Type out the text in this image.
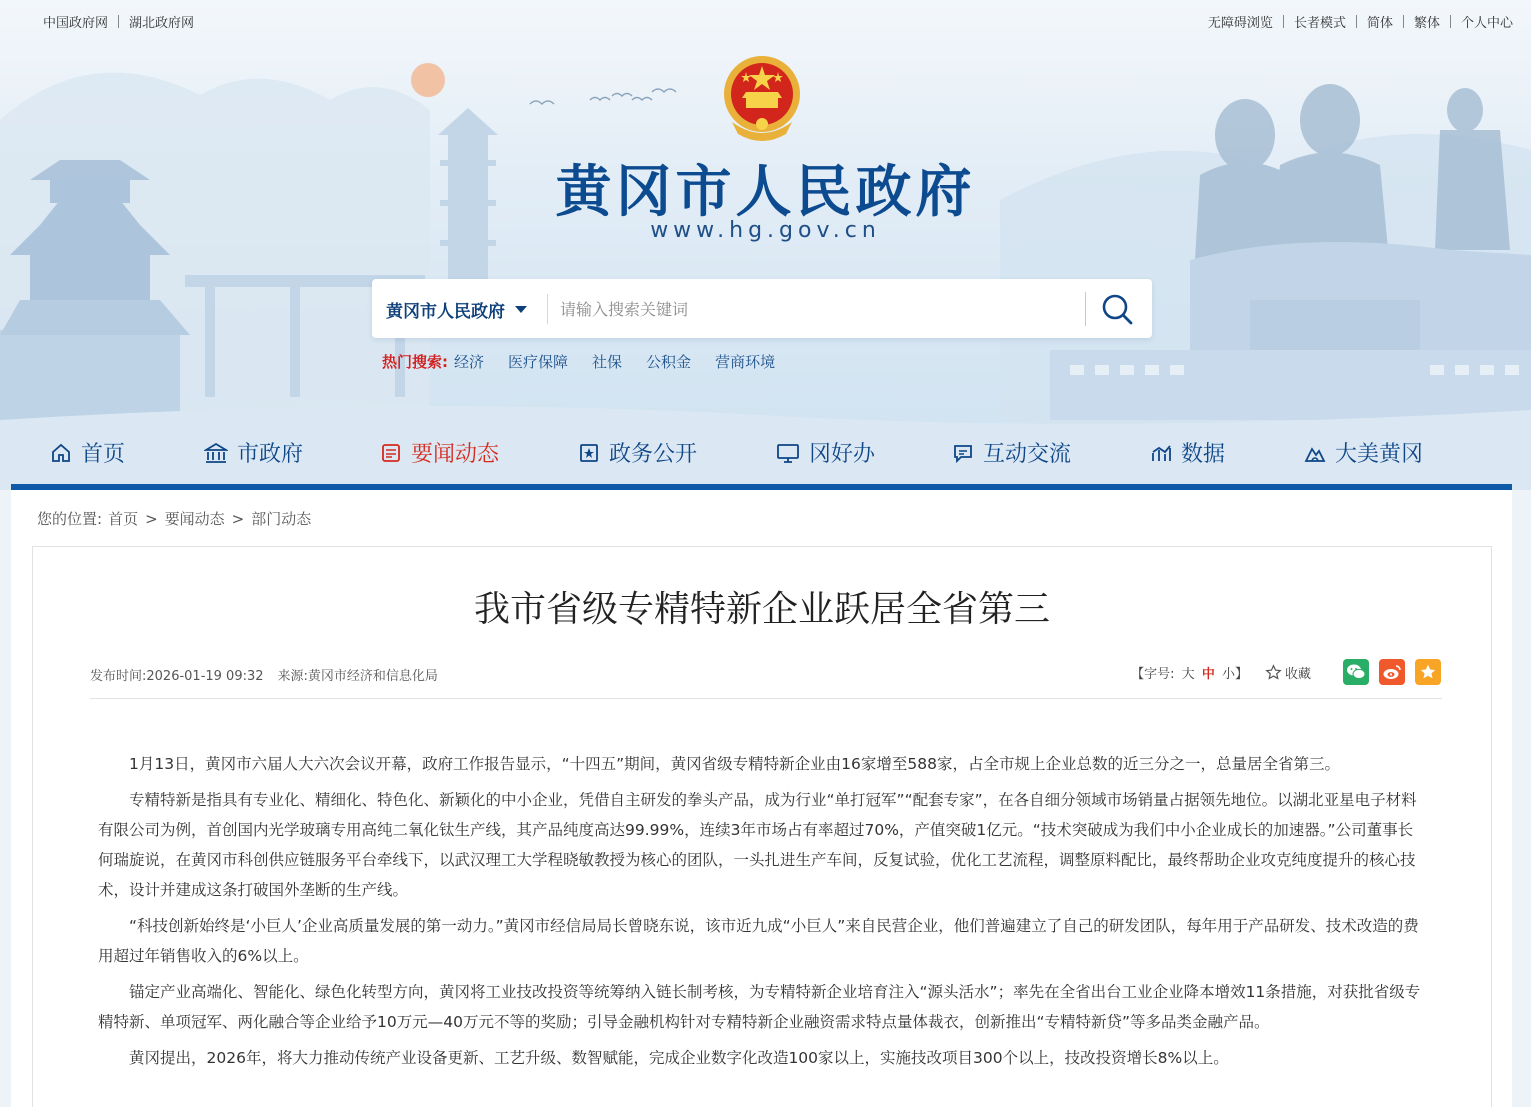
中国政府网 湖北政府网	无障碍浏览 长者模式 简体 繁体 个人中心
黄冈市人民政府
www.hg.gov.cn
黄冈市人民政府
请输入搜索关键词
热门搜索: 经济 医疗保障 社保 公积金 营商环境
首页	市政府	要闻动态	政务公开	冈好办	互动交流	数据	大美黄冈
您的位置: 首页 > 要闻动态 > 部门动态
我市省级专精特新企业跃居全省第三
发布时间:2026-01-19 09:32 来源:黄冈市经济和信息化局	【字号: 大 中 小】	收藏

1月13日，黄冈市六届人大六次会议开幕，政府工作报告显示，“十四五”期间，黄冈省级专精特新企业由16家增至588家，占全市规上企业总数的近三分之一，总量居全省第三。

专精特新是指具有专业化、精细化、特色化、新颖化的中小企业，凭借自主研发的拳头产品，成为行业“单打冠军”“配套专家”，在各自细分领域市场销量占据领先地位。以湖北亚星电子材料有限公司为例，首创国内光学玻璃专用高纯二氧化钛生产线，其产品纯度高达99.99%，连续3年市场占有率超过70%，产值突破1亿元。“技术突破成为我们中小企业成长的加速器。”公司董事长何瑞旋说，在黄冈市科创供应链服务平台牵线下，以武汉理工大学程晓敏教授为核心的团队，一头扎进生产车间，反复试验，优化工艺流程，调整原料配比，最终帮助企业攻克纯度提升的核心技术，设计并建成这条打破国外垄断的生产线。

“科技创新始终是‘小巨人’企业高质量发展的第一动力。”黄冈市经信局局长曾晓东说，该市近九成“小巨人”来自民营企业，他们普遍建立了自己的研发团队，每年用于产品研发、技术改造的费用超过年销售收入的6%以上。

锚定产业高端化、智能化、绿色化转型方向，黄冈将工业技改投资等统筹纳入链长制考核，为专精特新企业培育注入“源头活水”；率先在全省出台工业企业降本增效11条措施，对获批省级专精特新、单项冠军、两化融合等企业给予10万元—40万元不等的奖励；引导金融机构针对专精特新企业融资需求特点量体裁衣，创新推出“专精特新贷”等多品类金融产品。

黄冈提出，2026年，将大力推动传统产业设备更新、工艺升级、数智赋能，完成企业数字化改造100家以上，实施技改项目300个以上，技改投资增长8%以上。
